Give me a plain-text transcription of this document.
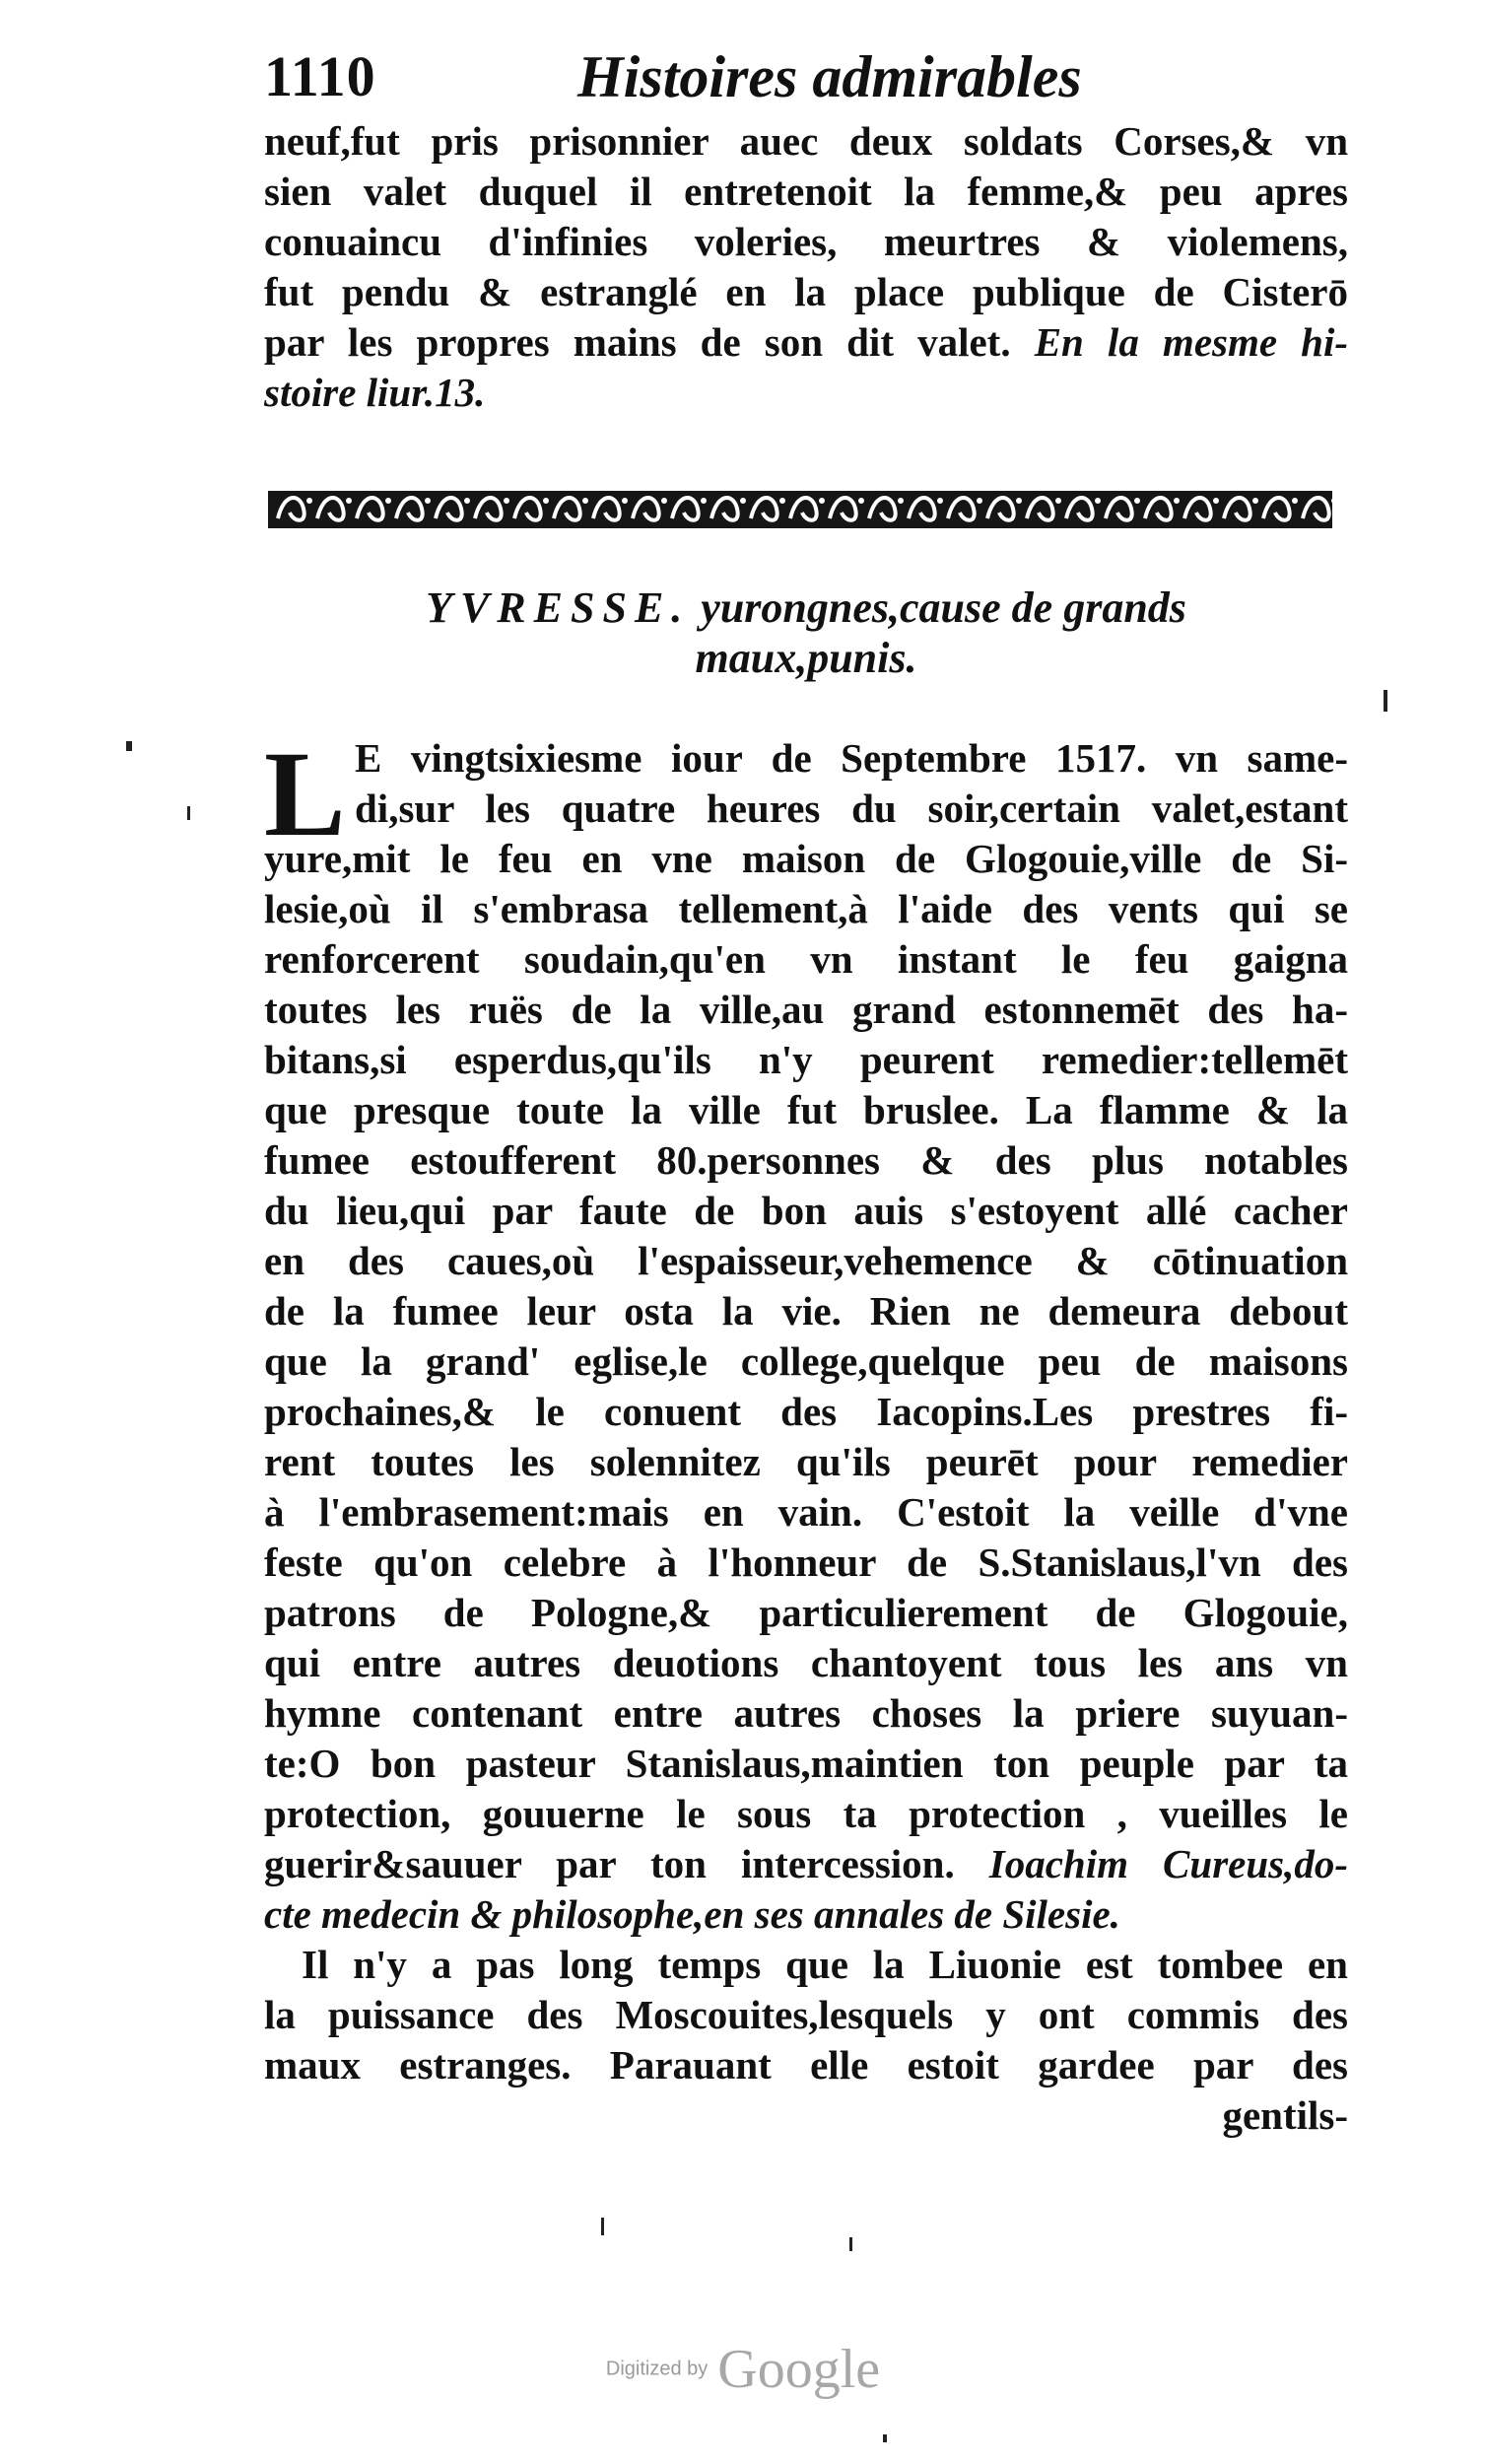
1110	Histoires admirables
neuf,fut pris prisonnier auec deux soldats Corses,& vn
sien valet duquel il entretenoit la femme,& peu apres
conuaincu d'infinies voleries, meurtres & violemens,
fut pendu & estranglé en la place publique de Cisterō
par les propres mains de son dit valet. En la mesme hi-
stoire liur.13.
YVRESSE. yurongnes,cause de grands
maux,punis.
L E vingtsixiesme iour de Septembre 1517. vn same-
di,sur les quatre heures du soir,certain valet,estant
yure,mit le feu en vne maison de Glogouie,ville de Si-
lesie,où il s'embrasa tellement,à l'aide des vents qui se
renforcerent soudain,qu'en vn instant le feu gaigna
toutes les ruës de la ville,au grand estonnemēt des ha-
bitans,si esperdus,qu'ils n'y peurent remedier:tellemēt
que presque toute la ville fut bruslee. La flamme & la
fumee estoufferent 80.personnes & des plus notables
du lieu,qui par faute de bon auis s'estoyent allé cacher
en des caues,où l'espaisseur,vehemence & cōtinuation
de la fumee leur osta la vie. Rien ne demeura debout
que la grand' eglise,le college,quelque peu de maisons
prochaines,& le conuent des Iacopins.Les prestres fi-
rent toutes les solennitez qu'ils peurēt pour remedier
à l'embrasement:mais en vain. C'estoit la veille d'vne
feste qu'on celebre à l'honneur de S.Stanislaus,l'vn des
patrons de Pologne,& particulierement de Glogouie,
qui entre autres deuotions chantoyent tous les ans vn
hymne contenant entre autres choses la priere suyuan-
te:O bon pasteur Stanislaus,maintien ton peuple par ta
protection, gouuerne le sous ta protection , vueilles le
guerir&sauuer par ton intercession. Ioachim Cureus,do-
cte medecin & philosophe,en ses annales de Silesie.
Il n'y a pas long temps que la Liuonie est tombee en
la puissance des Moscouites,lesquels y ont commis des
maux estranges. Parauant elle estoit gardee par des
gentils-
Digitized by Google
